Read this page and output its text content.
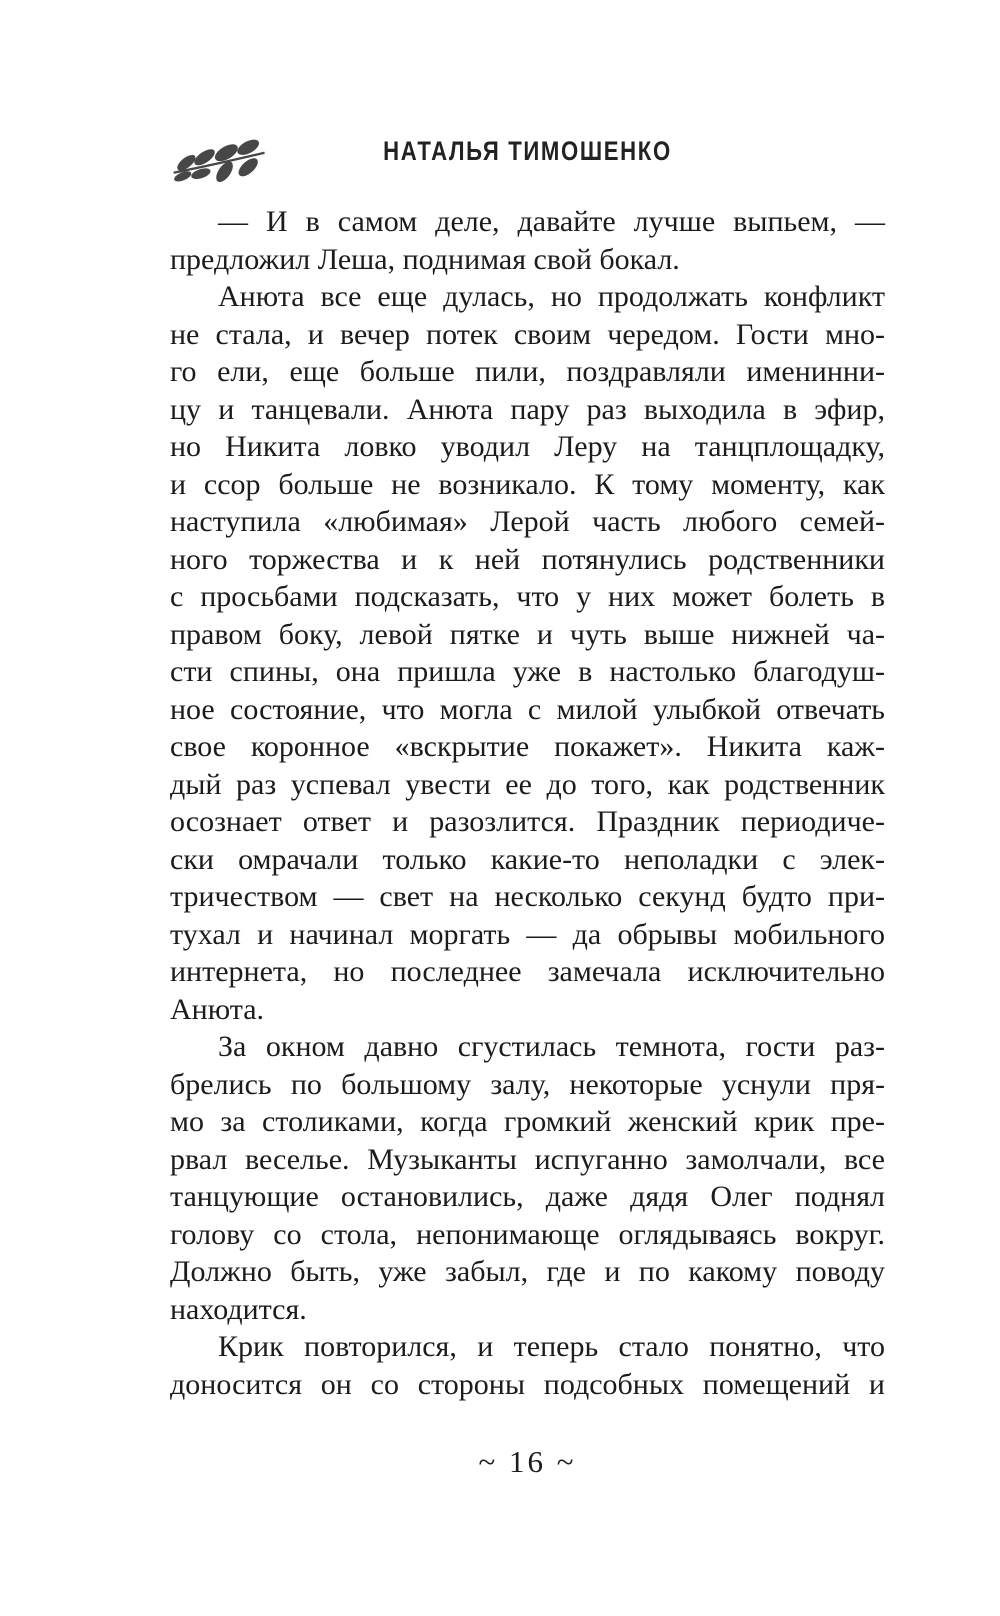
НАТАЛЬЯ ТИМОШЕНКО
— И в самом деле, давайте лучше выпьем, —
предложил Леша, поднимая свой бокал.
Анюта все еще дулась, но продолжать конфликт
не стала, и вечер потек своим чередом. Гости мно-
го ели, еще больше пили, поздравляли именинни-
цу и танцевали. Анюта пару раз выходила в эфир,
но Никита ловко уводил Леру на танцплощадку,
и ссор больше не возникало. К тому моменту, как
наступила «любимая» Лерой часть любого семей-
ного торжества и к ней потянулись родственники
с просьбами подсказать, что у них может болеть в
правом боку, левой пятке и чуть выше нижней ча-
сти спины, она пришла уже в настолько благодуш-
ное состояние, что могла с милой улыбкой отвечать
свое коронное «вскрытие покажет». Никита каж-
дый раз успевал увести ее до того, как родственник
осознает ответ и разозлится. Праздник периодиче-
ски омрачали только какие-то неполадки с элек-
тричеством — свет на несколько секунд будто при-
тухал и начинал моргать — да обрывы мобильного
интернета, но последнее замечала исключительно
Анюта.
За окном давно сгустилась темнота, гости раз-
брелись по большому залу, некоторые уснули пря-
мо за столиками, когда громкий женский крик пре-
рвал веселье. Музыканты испуганно замолчали, все
танцующие остановились, даже дядя Олег поднял
голову со стола, непонимающе оглядываясь вокруг.
Должно быть, уже забыл, где и по какому поводу
находится.
Крик повторился, и теперь стало понятно, что
доносится он со стороны подсобных помещений и
~ 16 ~
